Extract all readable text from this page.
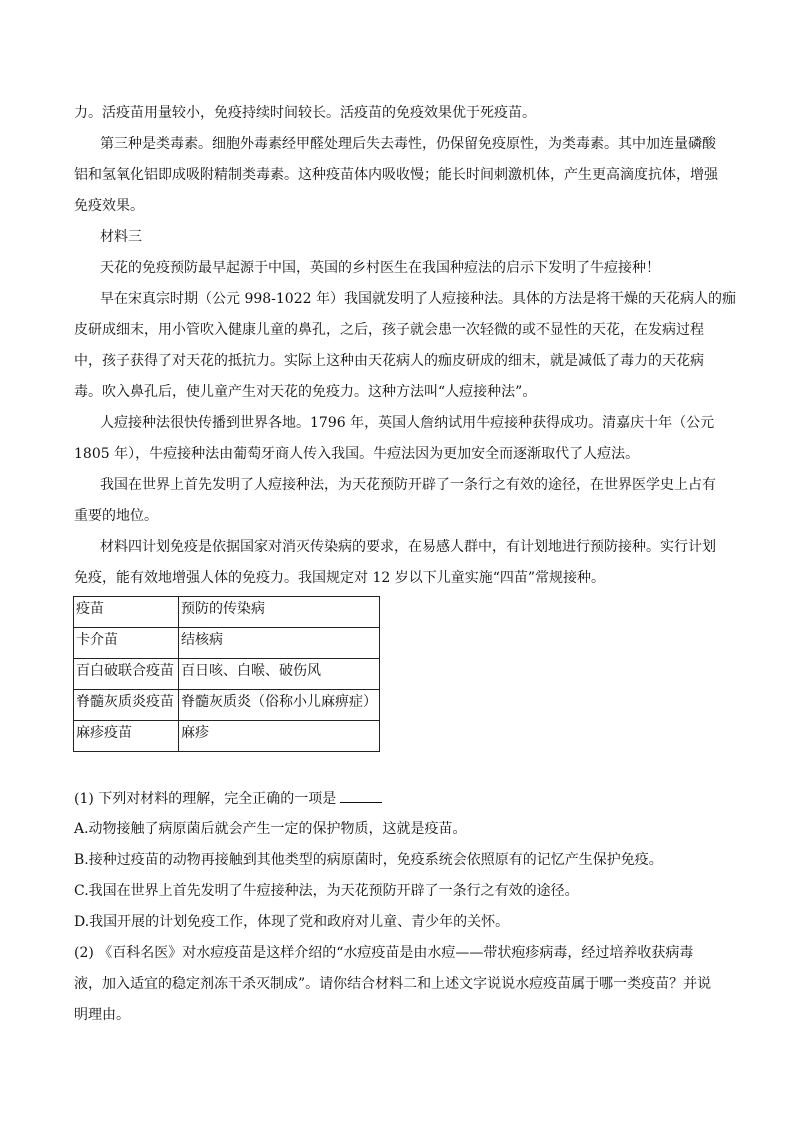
力。活疫苗用量较小，免疫持续时间较长。活疫苗的免疫效果优于死疫苗。
第三种是类毒素。细胞外毒素经甲醛处理后失去毒性，仍保留免疫原性，为类毒素。其中加连量磷酸
铝和氢氧化铝即成吸附精制类毒素。这种疫苗体内吸收慢；能长时间刺激机体，产生更高滴度抗体，增强
免疫效果。
材料三
天花的免疫预防最早起源于中国，英国的乡村医生在我国种痘法的启示下发明了牛痘接种！
早在宋真宗时期（公元 998-1022 年）我国就发明了人痘接种法。具体的方法是将干燥的天花病人的痂
皮研成细末，用小管吹入健康儿童的鼻孔，之后，孩子就会患一次轻微的或不显性的天花，在发病过程
中，孩子获得了对天花的抵抗力。实际上这种由天花病人的痂皮研成的细末，就是减低了毒力的天花病
毒。吹入鼻孔后，使儿童产生对天花的免疫力。这种方法叫“人痘接种法”。
人痘接种法很快传播到世界各地。1796 年，英国人詹纳试用牛痘接种获得成功。清嘉庆十年（公元
1805 年），牛痘接种法由葡萄牙商人传入我国。牛痘法因为更加安全而逐渐取代了人痘法。
我国在世界上首先发明了人痘接种法，为天花预防开辟了一条行之有效的途径，在世界医学史上占有
重要的地位。
材料四计划免疫是依据国家对消灭传染病的要求，在易感人群中，有计划地进行预防接种。实行计划
免疫，能有效地增强人体的免疫力。我国规定对 12 岁以下儿童实施“四苗”常规接种。
疫苗	预防的传染病
卡介苗	结核病
百白破联合疫苗	百日咳、白喉、破伤风
脊髓灰质炎疫苗	脊髓灰质炎（俗称小儿麻痹症）
麻疹疫苗	麻疹
(1) 下列对材料的理解，完全正确的一项是
A.动物接触了病原菌后就会产生一定的保护物质，这就是疫苗。
B.接种过疫苗的动物再接触到其他类型的病原菌时，免疫系统会依照原有的记忆产生保护免疫。
C.我国在世界上首先发明了牛痘接种法，为天花预防开辟了一条行之有效的途径。
D.我国开展的计划免疫工作，体现了党和政府对儿童、青少年的关怀。
(2) 《百科名医》对水痘疫苗是这样介绍的“水痘疫苗是由水痘——带状疱疹病毒，经过培养收获病毒
液，加入适宜的稳定剂冻干杀灭制成”。请你结合材料二和上述文字说说水痘疫苗属于哪一类疫苗？并说
明理由。
